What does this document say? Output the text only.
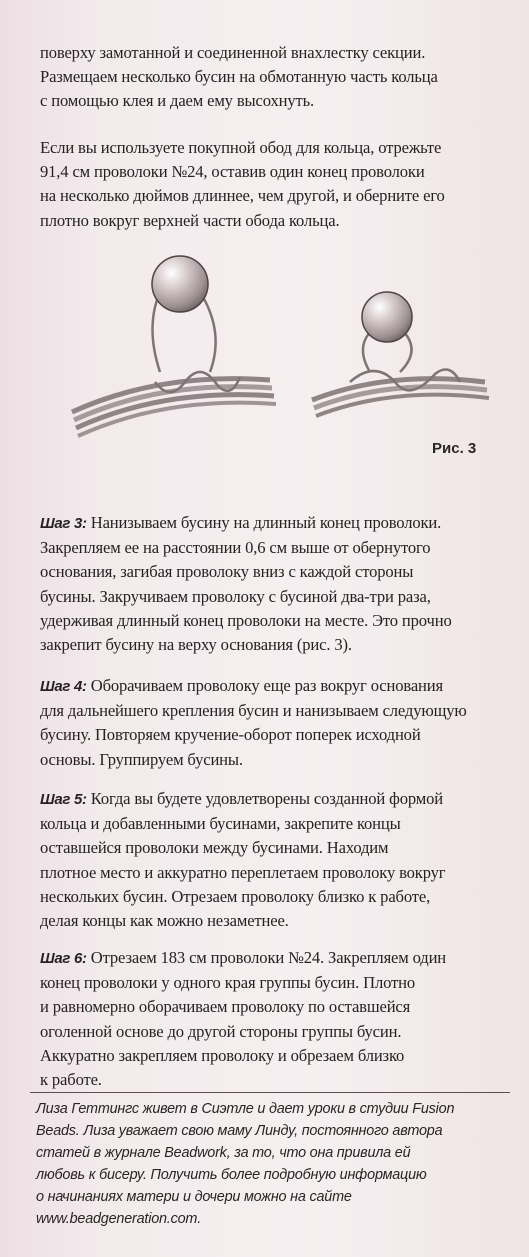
поверху замотанной и соединенной внахлестку секции.
Размещаем несколько бусин на обмотанную часть кольца
с помощью клея и даем ему высохнуть.
Если вы используете покупной обод для кольца, отрежьте
91,4 см проволоки №24, оставив один конец проволоки
на несколько дюймов длиннее, чем другой, и оберните его
плотно вокруг верхней части обода кольца.
Рис. 3
Шаг 3: Нанизываем бусину на длинный конец проволоки.
Закрепляем ее на расстоянии 0,6 см выше от обернутого
основания, загибая проволоку вниз с каждой стороны
бусины. Закручиваем проволоку с бусиной два-три раза,
удерживая длинный конец проволоки на месте. Это прочно
закрепит бусину на верху основания (рис. 3).
Шаг 4: Оборачиваем проволоку еще раз вокруг основания
для дальнейшего крепления бусин и нанизываем следующую
бусину. Повторяем кручение-оборот поперек исходной
основы. Группируем бусины.
Шаг 5: Когда вы будете удовлетворены созданной формой
кольца и добавленными бусинами, закрепите концы
оставшейся проволоки между бусинами. Находим
плотное место и аккуратно переплетаем проволоку вокруг
нескольких бусин. Отрезаем проволоку близко к работе,
делая концы как можно незаметнее.
Шаг 6: Отрезаем 183 см проволоки №24. Закрепляем один
конец проволоки у одного края группы бусин. Плотно
и равномерно оборачиваем проволоку по оставшейся
оголенной основе до другой стороны группы бусин.
Аккуратно закрепляем проволоку и обрезаем близко
к работе.
Лиза Геттингс живет в Сиэтле и дает уроки в студии Fusion
Beads. Лиза уважает свою маму Линду, постоянного автора
статей в журнале Beadwork, за то, что она привила ей
любовь к бисеру. Получить более подробную информацию
о начинаниях матери и дочери можно на сайте
www.beadgeneration.com.
